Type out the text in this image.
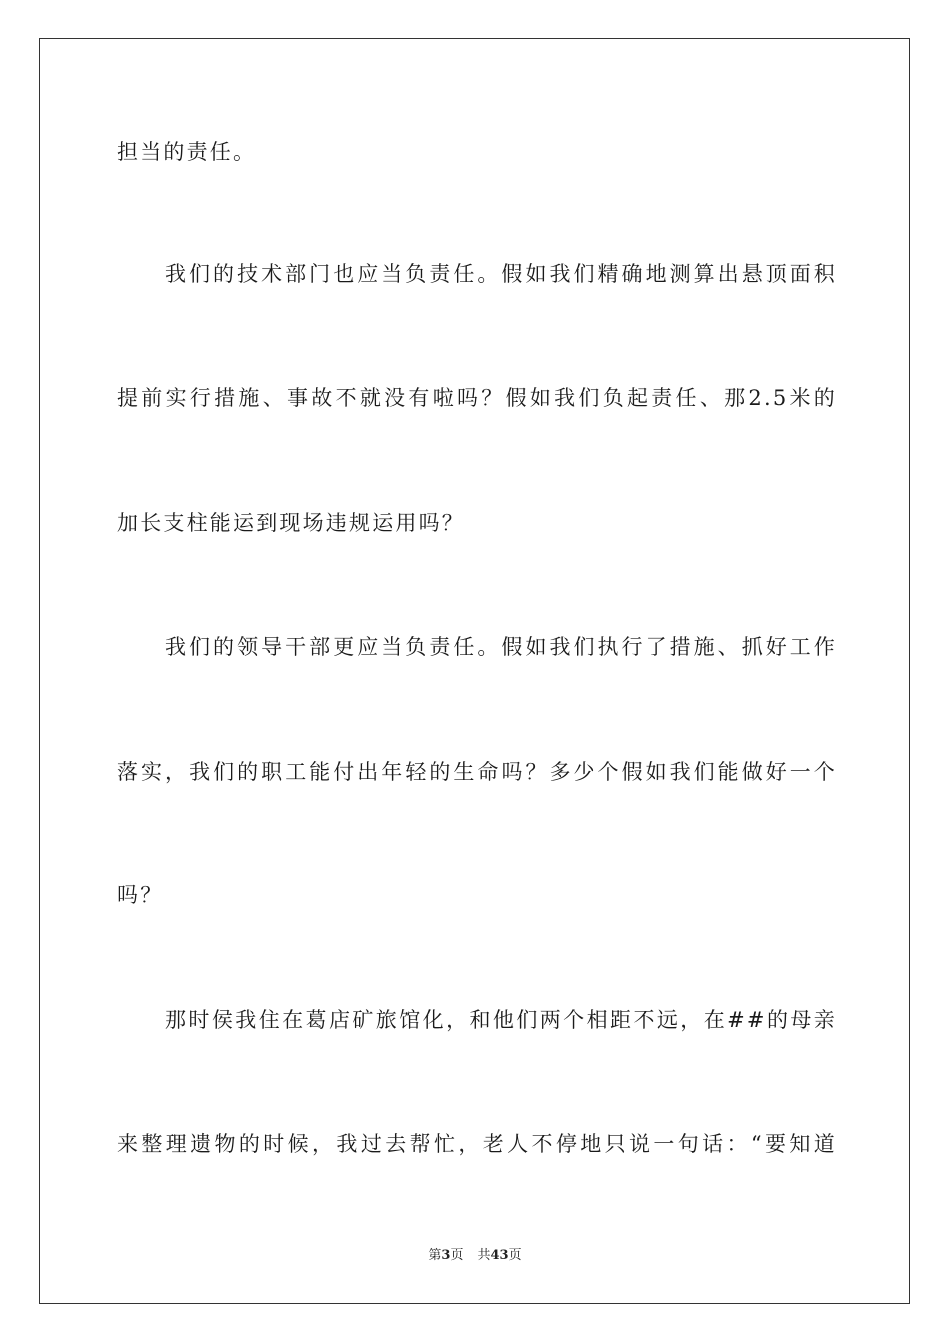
担当的责任。
我们的技术部门也应当负责任。假如我们精确地测算出悬顶面积
提前实行措施、事故不就没有啦吗？假如我们负起责任、那2.5米的
加长支柱能运到现场违规运用吗？
我们的领导干部更应当负责任。假如我们执行了措施、抓好工作
落实，我们的职工能付出年轻的生命吗？多少个假如我们能做好一个
吗？
那时侯我住在葛店矿旅馆化，和他们两个相距不远，在##的母亲
来整理遗物的时候，我过去帮忙，老人不停地只说一句话：“要知道
第3页 共43页
